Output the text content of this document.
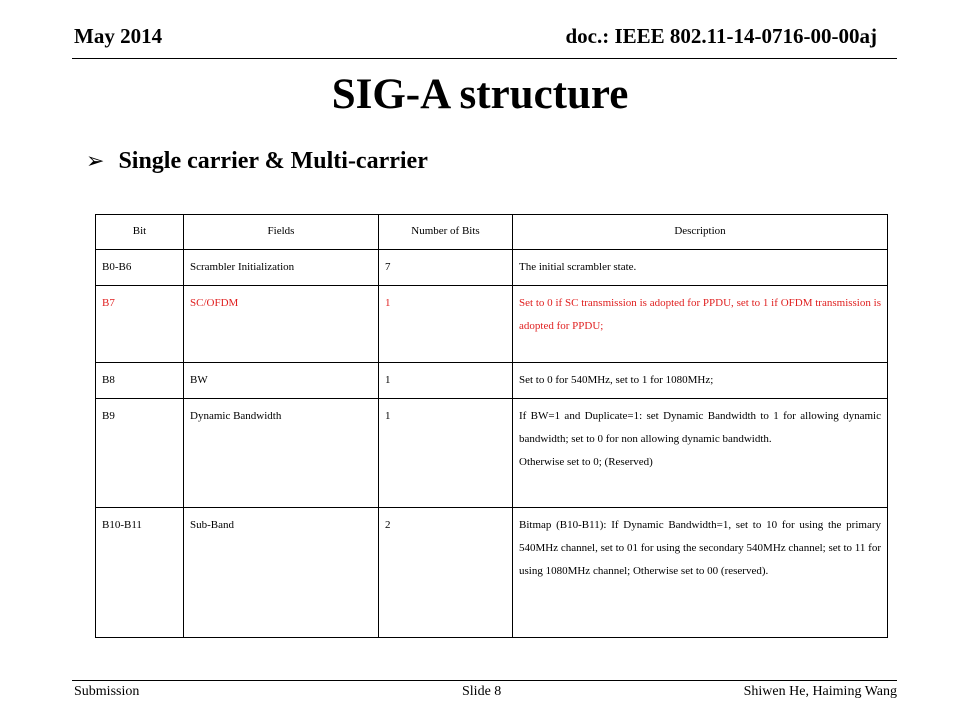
May 2014	doc.: IEEE 802.11-14-0716-00-00aj
SIG-A structure
➢ Single carrier & Multi-carrier
Bit	Fields	Number of Bits	Description
B0-B6	Scrambler Initialization	7	The initial scrambler state.
B7	SC/OFDM	1	Set to 0 if SC transmission is adopted for PPDU, set to 1 if OFDM transmission is adopted for PPDU;
B8	BW	1	Set to 0 for 540MHz, set to 1 for 1080MHz;
B9	Dynamic Bandwidth	1	If BW=1 and Duplicate=1: set Dynamic Bandwidth to 1 for allowing dynamic bandwidth; set to 0 for non allowing dynamic bandwidth.
Otherwise set to 0; (Reserved)

B10-B11	Sub-Band	2	Bitmap (B10-B11): If Dynamic Bandwidth=1, set to 10 for using the primary 540MHz channel, set to 01 for using the secondary 540MHz channel; set to 11 for using 1080MHz channel; Otherwise set to 00 (reserved).
Submission	Slide 8	Shiwen He, Haiming Wang
